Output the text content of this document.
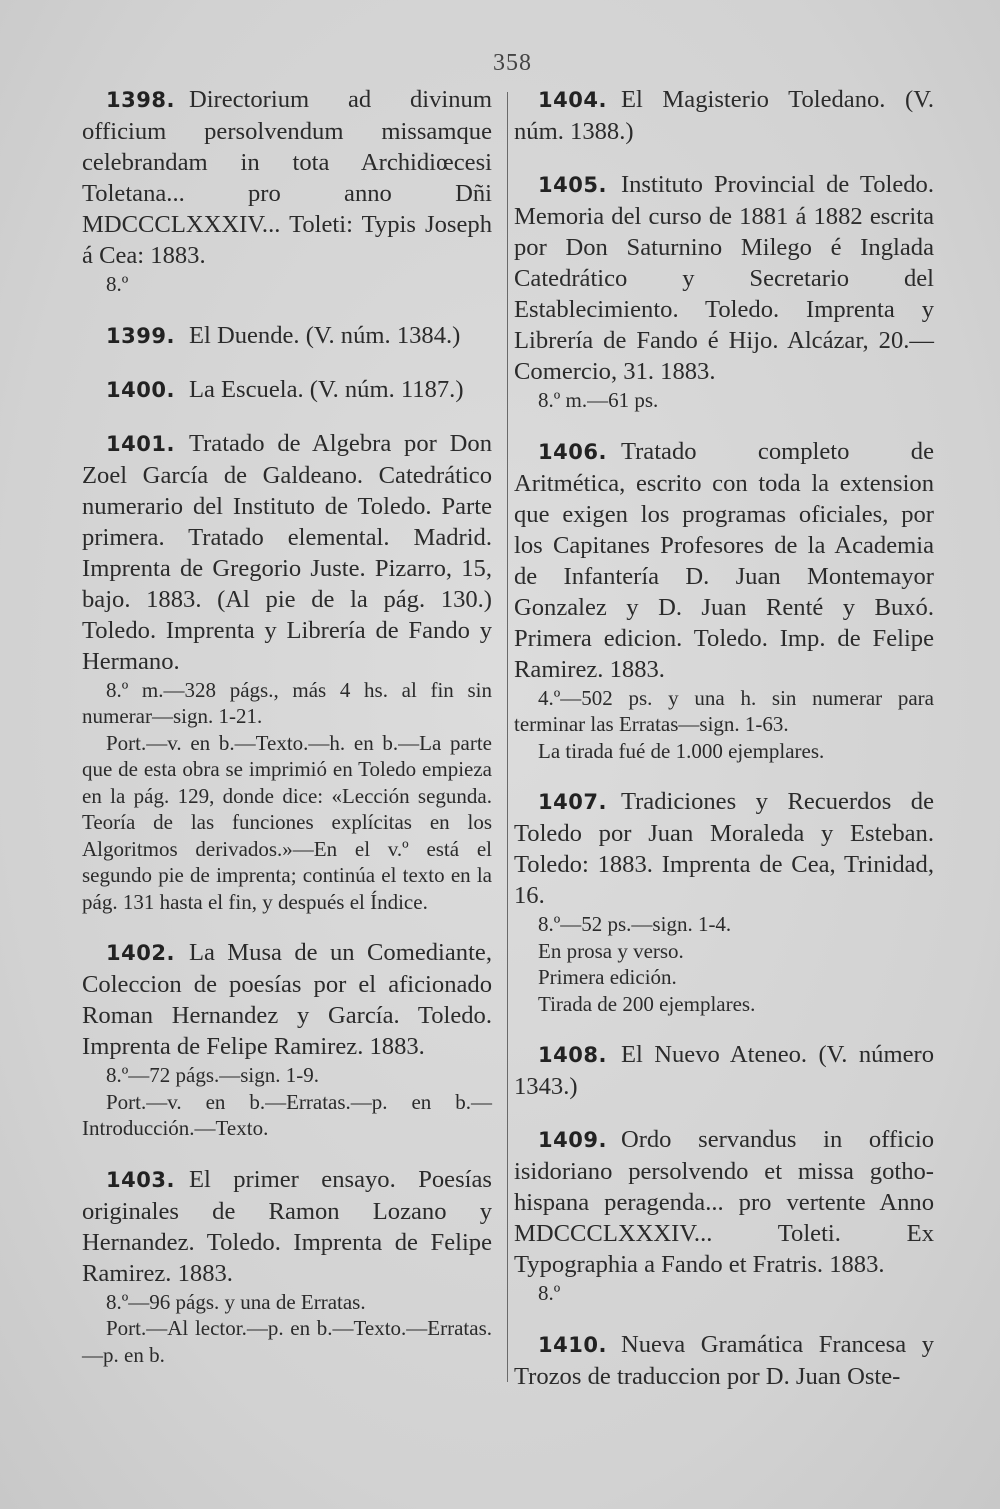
358

1398. Directorium ad divinum officium persolvendum missamque celebrandam in tota Archidiœcesi Toletana... pro anno Dñi MDCCCLXXXIV... Toleti: Typis Joseph á Cea: 1883.

8.º

1399. El Duende. (V. núm. 1384.)

1400. La Escuela. (V. núm. 1187.)

1401. Tratado de Algebra por Don Zoel García de Galdeano. Catedrático numerario del Instituto de Toledo. Parte primera. Tratado elemental. Madrid. Imprenta de Gregorio Juste. Pizarro, 15, bajo. 1883. (Al pie de la pág. 130.) Toledo. Imprenta y Librería de Fando y Hermano.

8.º m.—328 págs., más 4 hs. al fin sin numerar—sign. 1-21.

Port.—v. en b.—Texto.—h. en b.—La parte que de esta obra se imprimió en Toledo empieza en la pág. 129, donde dice: «Lección segunda. Teoría de las funciones explícitas en los Algoritmos derivados.»—En el v.º está el segundo pie de imprenta; continúa el texto en la pág. 131 hasta el fin, y después el Índice.

1402. La Musa de un Comediante, Coleccion de poesías por el aficionado Roman Hernandez y García. Toledo. Imprenta de Felipe Ramirez. 1883.

8.º—72 págs.—sign. 1-9.

Port.—v. en b.—Erratas.—p. en b.—Introducción.—Texto.

1403. El primer ensayo. Poesías originales de Ramon Lozano y Hernandez. Toledo. Imprenta de Felipe Ramirez. 1883.

8.º—96 págs. y una de Erratas.

Port.—Al lector.—p. en b.—Texto.—Erratas.—p. en b.

1404. El Magisterio Toledano. (V. núm. 1388.)

1405. Instituto Provincial de Toledo. Memoria del curso de 1881 á 1882 escrita por Don Saturnino Milego é Inglada Catedrático y Secretario del Establecimiento. Toledo. Imprenta y Librería de Fando é Hijo. Alcázar, 20.—Comercio, 31. 1883.

8.º m.—61 ps.

1406. Tratado completo de Aritmética, escrito con toda la extension que exigen los programas oficiales, por los Capitanes Profesores de la Academia de Infantería D. Juan Montemayor Gonzalez y D. Juan Renté y Buxó. Primera edicion. Toledo. Imp. de Felipe Ramirez. 1883.

4.º—502 ps. y una h. sin numerar para terminar las Erratas—sign. 1-63.

La tirada fué de 1.000 ejemplares.

1407. Tradiciones y Recuerdos de Toledo por Juan Moraleda y Esteban. Toledo: 1883. Imprenta de Cea, Trinidad, 16.

8.º—52 ps.—sign. 1-4.

En prosa y verso.

Primera edición.

Tirada de 200 ejemplares.

1408. El Nuevo Ateneo. (V. número 1343.)

1409. Ordo servandus in officio isidoriano persolvendo et missa gotho-hispana peragenda... pro vertente Anno MDCCCLXXXIV... Toleti. Ex Typographia a Fando et Fratris. 1883.

8.º

1410. Nueva Gramática Francesa y Trozos de traduccion por D. Juan Oste-
